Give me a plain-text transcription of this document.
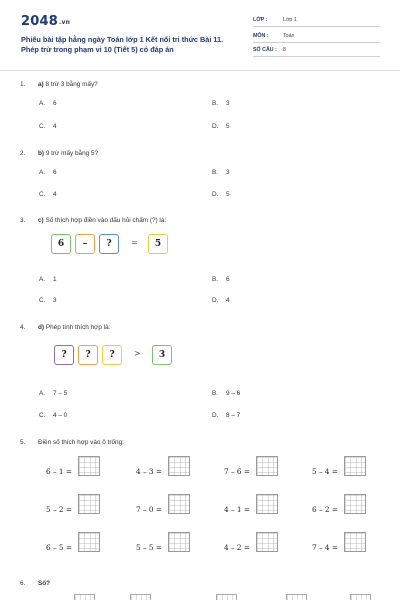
2048.vn
Phiếu bài tập hằng ngày Toán lớp 1 Kết nối tri thức Bài 11.
Phép trừ trong phạm vi 10 (Tiết 5) có đáp án
LỚP :	Lớp 1
MÔN :	Toán
SỐ CÂU : 8
1. a) 8 trừ 3 bằng mấy?
A. 6	B. 3
C. 4	D. 5
2. b) 9 trừ mấy bằng 5?
A. 6	B. 3
C. 4	D. 5
3. c) Số thích hợp điền vào dấu hỏi chấm (?) là:
6	–	?	=	5
A. 1	B. 6
C. 3	D. 4
4. d) Phép tính thích hợp là:
?	?	?	>	3
A. 7 – 5	B. 9 – 6
C. 4 – 0	D. 8 – 7
5. Điền số thích hợp vào ô trống:
6 – 1 =	4 – 3 =	7 – 6 =	5 – 4 =
5 – 2 =	7 – 0 =	4 – 1 =	6 – 2 =
6 – 5 =	5 – 5 =	4 – 2 =	7 – 4 =
6. Số?
